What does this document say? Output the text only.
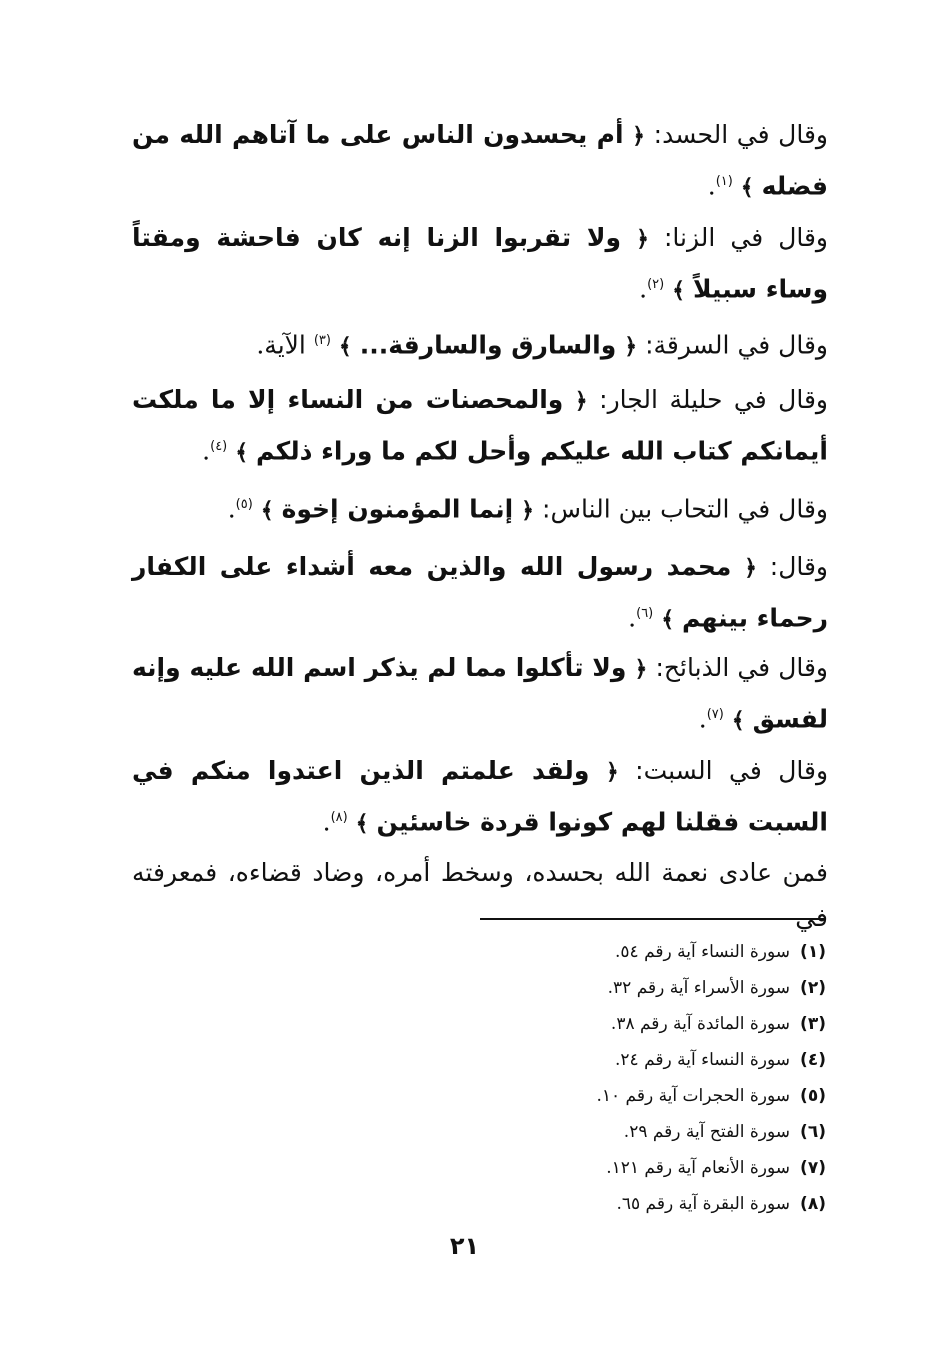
وقال في الحسد: ﴿ أم يحسدون الناس على ما آتاهم الله من فضله ﴾ $^{(١)}$.

وقال في الزنا: ﴿ ولا تقربوا الزنا إنه كان فاحشة ومقتاً وساء سبيلاً ﴾ $^{(٢)}$.

وقال في السرقة: ﴿ والسارق والسارقة... ﴾ $^{(٣)}$ الآية.

وقال في حليلة الجار: ﴿ والمحصنات من النساء إلا ما ملكت أيمانكم كتاب الله عليكم وأحل لكم ما وراء ذلكم ﴾ $^{(٤)}$.

وقال في التحاب بين الناس: ﴿ إنما المؤمنون إخوة ﴾ $^{(٥)}$.

وقال: ﴿ محمد رسول الله والذين معه أشداء على الكفار رحماء بينهم ﴾ $^{(٦)}$.

وقال في الذبائح: ﴿ ولا تأكلوا مما لم يذكر اسم الله عليه وإنه لفسق ﴾ $^{(٧)}$.

وقال في السبت: ﴿ ولقد علمتم الذين اعتدوا منكم في السبت فقلنا لهم كونوا قردة خاسئين ﴾ $^{(٨)}$.

فمن عادى نعمة الله بحسده، وسخط أمره، وضاد قضاءه، فمعرفته في

(١)سورة النساء آية رقم ٥٤.
(٢)سورة الأسراء آية رقم ٣٢.
(٣)سورة المائدة آية رقم ٣٨.
(٤)سورة النساء آية رقم ٢٤.
(٥)سورة الحجرات آية رقم ١٠.
(٦)سورة الفتح آية رقم ٢٩.
(٧)سورة الأنعام آية رقم ١٢١.
(٨)سورة البقرة آية رقم ٦٥.
٢١
